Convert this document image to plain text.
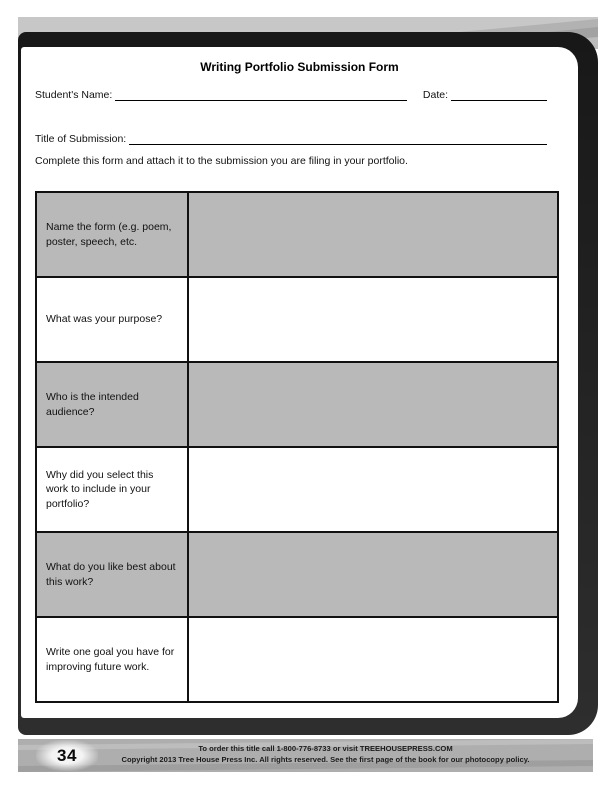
Writing Portfolio Submission Form
Student's Name:	Date:
Title of Submission:

Complete this form and attach it to the submission you are filing in your portfolio.

Name the form (e.g. poem, poster, speech, etc.	
What was your purpose?	
Who is the intended audience?	
Why did you select this work to include in your portfolio?	
What do you like best about this work?	
Write one goal you have for improving future work.	
34	To order this title call 1-800-776-8733 or visit TREEHOUSEPRESS.COM
Copyright 2013 Tree House Press Inc. All rights reserved. See the first page of the book for our photocopy policy.
